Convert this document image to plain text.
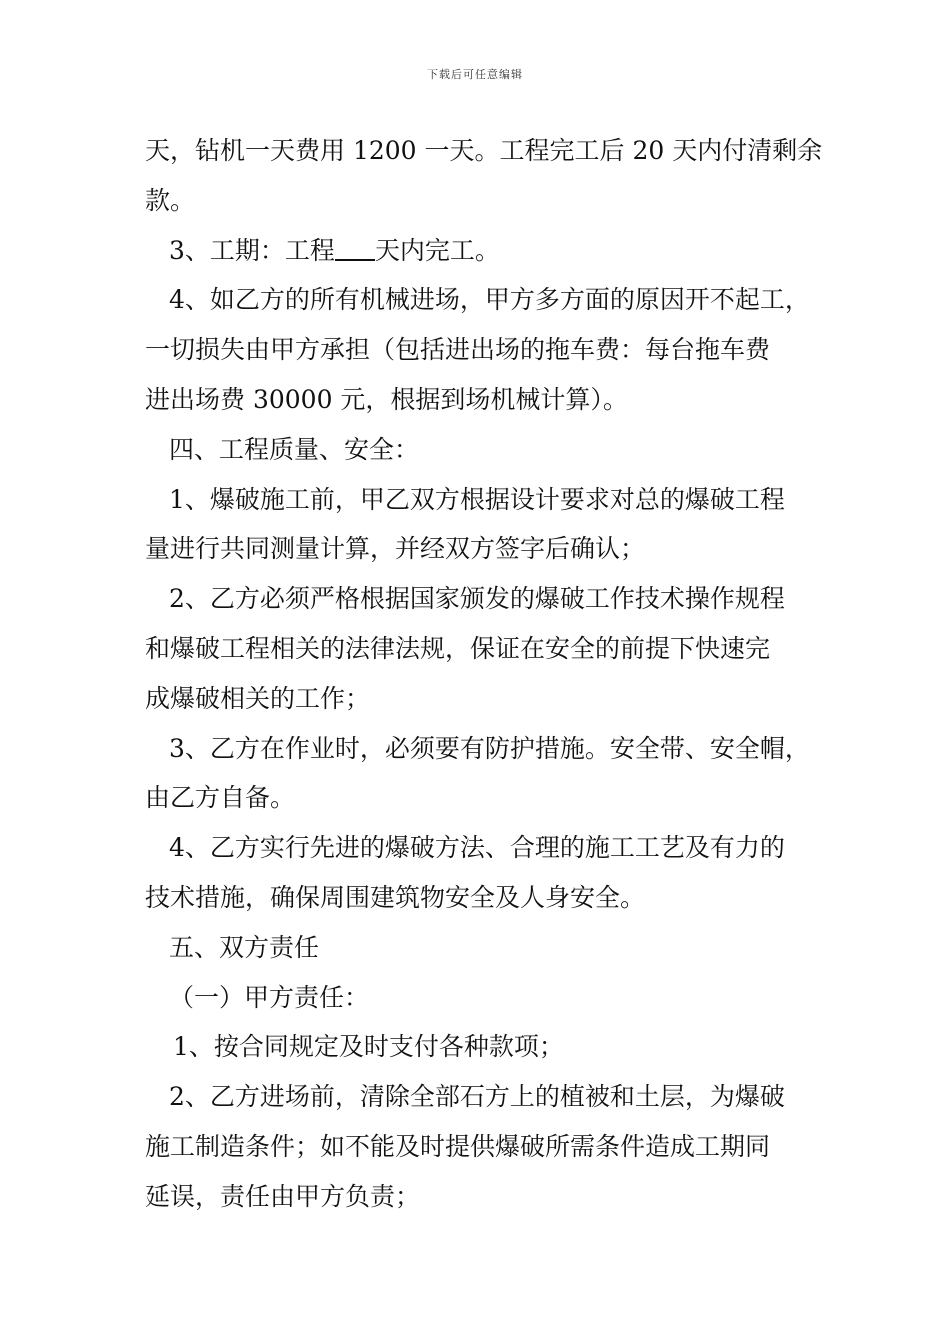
下载后可任意编辑
天，钻机一天费用 1200 一天。工程完工后 20 天内付清剩余
款。
3、工期：工程 天内完工。
4、如乙方的所有机械进场，甲方多方面的原因开不起工，
一切损失由甲方承担（包括进出场的拖车费：每台拖车费
进出场费 30000 元，根据到场机械计算）。
四、工程质量、安全：
1、爆破施工前，甲乙双方根据设计要求对总的爆破工程
量进行共同测量计算，并经双方签字后确认；
2、乙方必须严格根据国家颁发的爆破工作技术操作规程
和爆破工程相关的法律法规，保证在安全的前提下快速完
成爆破相关的工作；
3、乙方在作业时，必须要有防护措施。安全带、安全帽，
由乙方自备。
4、乙方实行先进的爆破方法、合理的施工工艺及有力的
技术措施，确保周围建筑物安全及人身安全。
五、双方责任
（一）甲方责任：
1、按合同规定及时支付各种款项；
2、乙方进场前，清除全部石方上的植被和土层，为爆破
施工制造条件；如不能及时提供爆破所需条件造成工期同
延误，责任由甲方负责；
